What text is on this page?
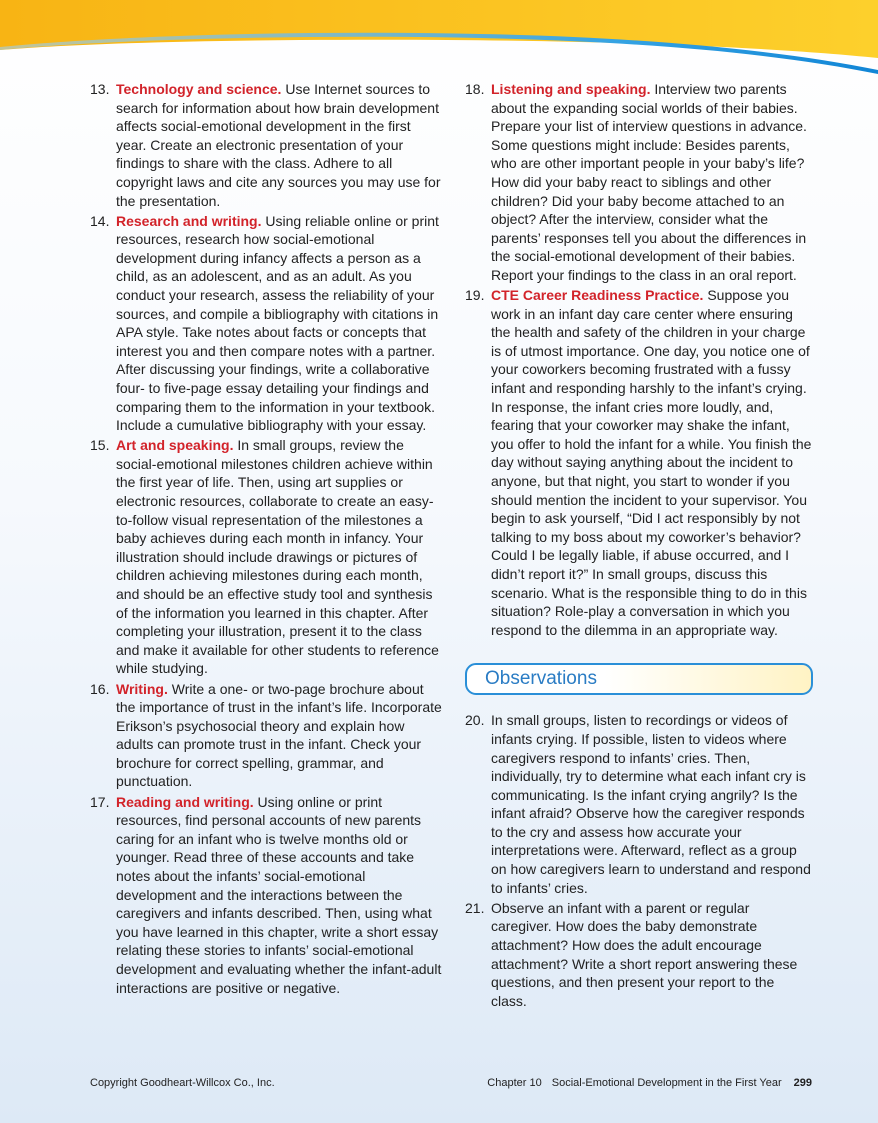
13. Technology and science. Use Internet sources to search for information about how brain development affects social-emotional development in the first year. Create an electronic presentation of your findings to share with the class. Adhere to all copyright laws and cite any sources you may use for the presentation.
14. Research and writing. Using reliable online or print resources, research how social-emotional development during infancy affects a person as a child, as an adolescent, and as an adult. As you conduct your research, assess the reliability of your sources, and compile a bibliography with citations in APA style. Take notes about facts or concepts that interest you and then compare notes with a partner. After discussing your findings, write a collaborative four- to five-page essay detailing your findings and comparing them to the information in your textbook. Include a cumulative bibliography with your essay.
15. Art and speaking. In small groups, review the social-emotional milestones children achieve within the first year of life. Then, using art supplies or electronic resources, collaborate to create an easy-to-follow visual representation of the milestones a baby achieves during each month in infancy. Your illustration should include drawings or pictures of children achieving milestones during each month, and should be an effective study tool and synthesis of the information you learned in this chapter. After completing your illustration, present it to the class and make it available for other students to reference while studying.
16. Writing. Write a one- or two-page brochure about the importance of trust in the infant’s life. Incorporate Erikson’s psychosocial theory and explain how adults can promote trust in the infant. Check your brochure for correct spelling, grammar, and punctuation.
17. Reading and writing. Using online or print resources, find personal accounts of new parents caring for an infant who is twelve months old or younger. Read three of these accounts and take notes about the infants’ social-emotional development and the interactions between the caregivers and infants described. Then, using what you have learned in this chapter, write a short essay relating these stories to infants’ social-emotional development and evaluating whether the infant-adult interactions are positive or negative.
18. Listening and speaking. Interview two parents about the expanding social worlds of their babies. Prepare your list of interview questions in advance. Some questions might include: Besides parents, who are other important people in your baby’s life? How did your baby react to siblings and other children? Did your baby become attached to an object? After the interview, consider what the parents’ responses tell you about the differences in the social-emotional development of their babies. Report your findings to the class in an oral report.
19. CTE Career Readiness Practice. Suppose you work in an infant day care center where ensuring the health and safety of the children in your charge is of utmost importance. One day, you notice one of your coworkers becoming frustrated with a fussy infant and responding harshly to the infant’s crying. In response, the infant cries more loudly, and, fearing that your coworker may shake the infant, you offer to hold the infant for a while. You finish the day without saying anything about the incident to anyone, but that night, you start to wonder if you should mention the incident to your supervisor. You begin to ask yourself, “Did I act responsibly by not talking to my boss about my coworker’s behavior? Could I be legally liable, if abuse occurred, and I didn’t report it?” In small groups, discuss this scenario. What is the responsible thing to do in this situation? Role-play a conversation in which you respond to the dilemma in an appropriate way.
Observations
20. In small groups, listen to recordings or videos of infants crying. If possible, listen to videos where caregivers respond to infants’ cries. Then, individually, try to determine what each infant cry is communicating. Is the infant crying angrily? Is the infant afraid? Observe how the caregiver responds to the cry and assess how accurate your interpretations were. Afterward, reflect as a group on how caregivers learn to understand and respond to infants’ cries.
21. Observe an infant with a parent or regular caregiver. How does the baby demonstrate attachment? How does the adult encourage attachment? Write a short report answering these questions, and then present your report to the class.
Copyright Goodheart-Willcox Co., Inc.	Chapter 10 Social-Emotional Development in the First Year 299
